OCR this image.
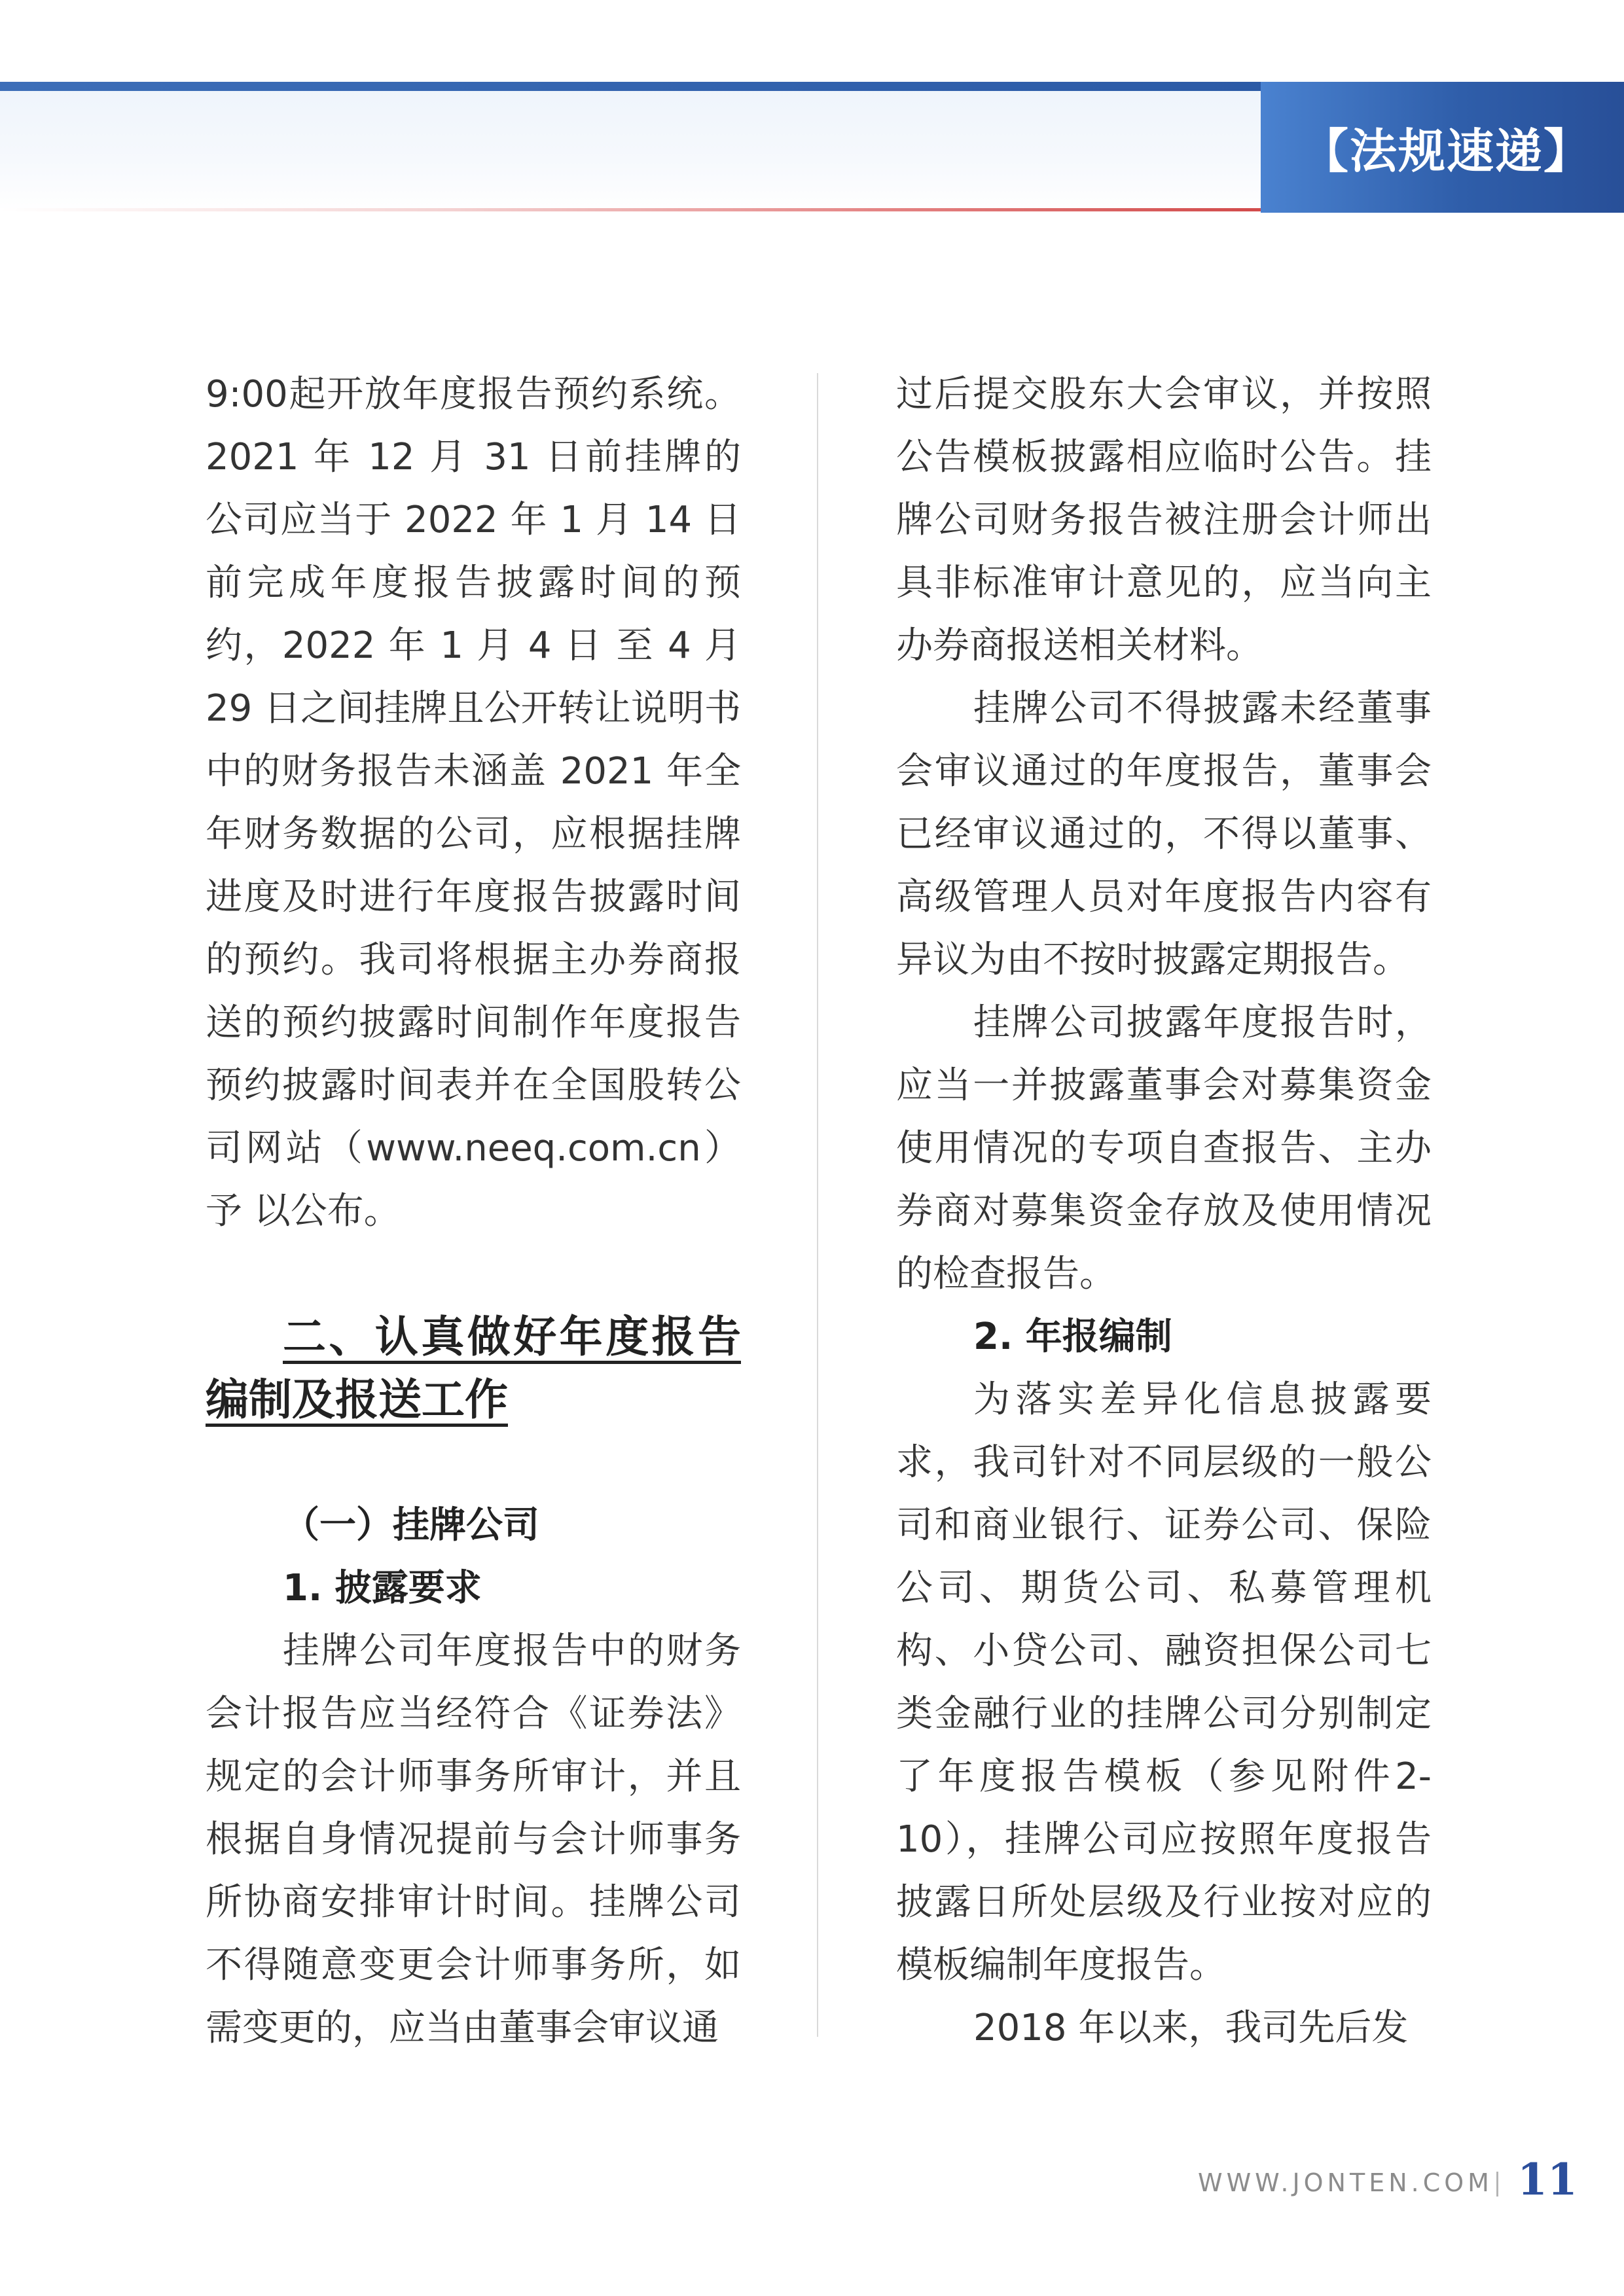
【法规速递】

9:00起开放年度报告预约系统。2021 年 12 月 31 日前挂牌的公司应当于 2022 年 1 月 14 日前完成年度报告披露时间的预约，2022 年 1 月 4 日 至 4 月 29 日之间挂牌且公开转让说明书中的财务报告未涵盖 2021 年全年财务数据的公司，应根据挂牌进度及时进行年度报告披露时间的预约。我司将根据主办券商报送的预约披露时间制作年度报告预约披露时间表并在全国股转公司网站（www.neeq.com.cn） 予 以公布。

二、认真做好年度报告编制及报送工作

（一）挂牌公司

1. 披露要求

挂牌公司年度报告中的财务会计报告应当经符合《证券法》规定的会计师事务所审计，并且根据自身情况提前与会计师事务所协商安排审计时间。挂牌公司不得随意变更会计师事务所，如需变更的，应当由董事会审议通

过后提交股东大会审议，并按照公告模板披露相应临时公告。挂牌公司财务报告被注册会计师出具非标准审计意见的，应当向主办券商报送相关材料。

挂牌公司不得披露未经董事会审议通过的年度报告，董事会已经审议通过的，不得以董事、高级管理人员对年度报告内容有异议为由不按时披露定期报告。

挂牌公司披露年度报告时，应当一并披露董事会对募集资金使用情况的专项自查报告、主办券商对募集资金存放及使用情况的检查报告。

2. 年报编制

为落实差异化信息披露要求，我司针对不同层级的一般公司和商业银行、证券公司、保险公司、期货公司、私募管理机构、小贷公司、融资担保公司七类金融行业的挂牌公司分别制定了年度报告模板（参见附件2-10），挂牌公司应按照年度报告披露日所处层级及行业按对应的模板编制年度报告。

2018 年以来，我司先后发

WWW.JONTEN.COM 11
